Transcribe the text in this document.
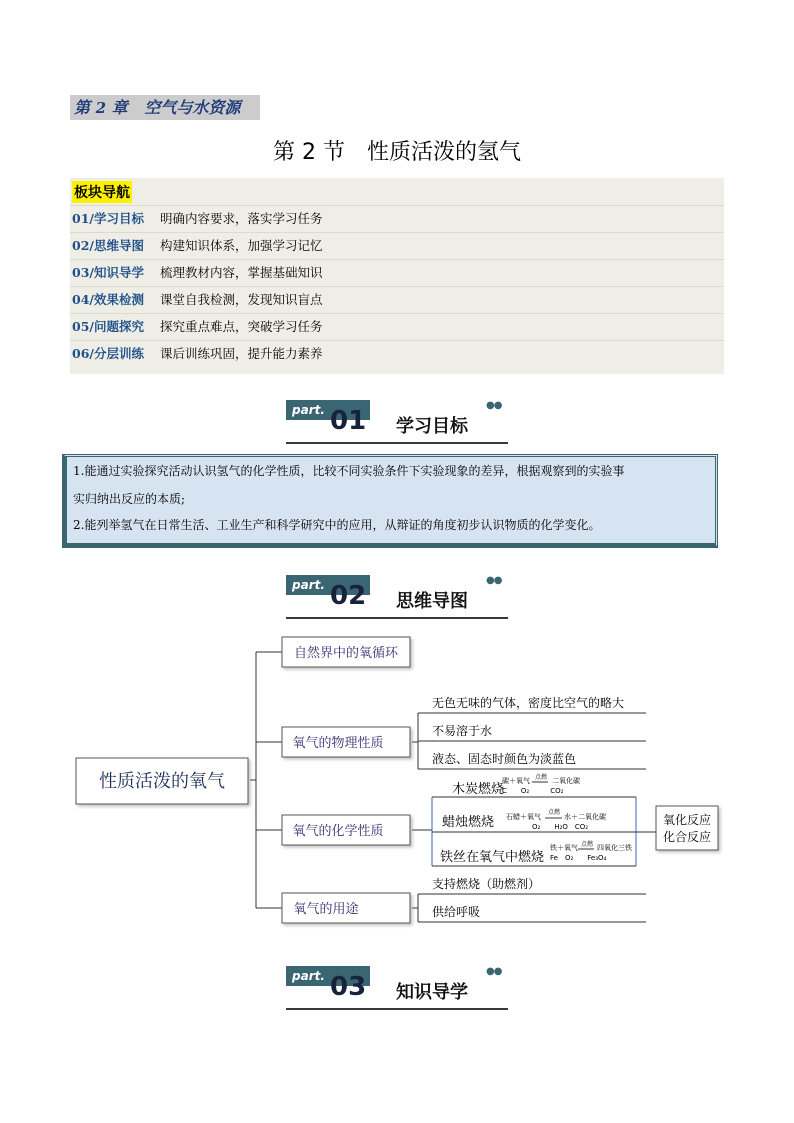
第 2 章 空气与水资源
第 2 节　性质活泼的氢气
板块导航
01/学习目标 明确内容要求，落实学习任务
02/思维导图 构建知识体系，加强学习记忆
03/知识导学 梳理教材内容，掌握基础知识
04/效果检测 课堂自我检测，发现知识盲点
05/问题探究 探究重点难点，突破学习任务
06/分层训练 课后训练巩固，提升能力素养
part. 01 学习目标
●●

1.能通过实验探究活动认识氢气的化学性质，比较不同实验条件下实验现象的差异，根据观察到的实验事

实归纳出反应的本质;

2.能列举氢气在日常生活、工业生产和科学研究中的应用，从辩证的角度初步认识物质的化学变化。

part. 02 思维导图
●●
性质活泼的氧气
自然界中的氧循环
氧气的物理性质
氧气的化学性质
氧气的用途
无色无味的气体，密度比空气的略大
不易溶于水
液态、固态时颜色为淡蓝色
木炭燃烧
蜡烛燃烧
铁丝在氧气中燃烧
碳＋氧气 点燃 二氧化碳
C　　O₂　　　CO₂
石蜡＋氧气
点燃
水＋二氧化碳
O₂　　H₂O　CO₂
铁＋氧气 点燃 四氧化三铁
Fe　O₂　　Fe₃O₄
氧化反应
化合反应
支持燃烧（助燃剂）
供给呼吸
part. 03 知识导学
●●
